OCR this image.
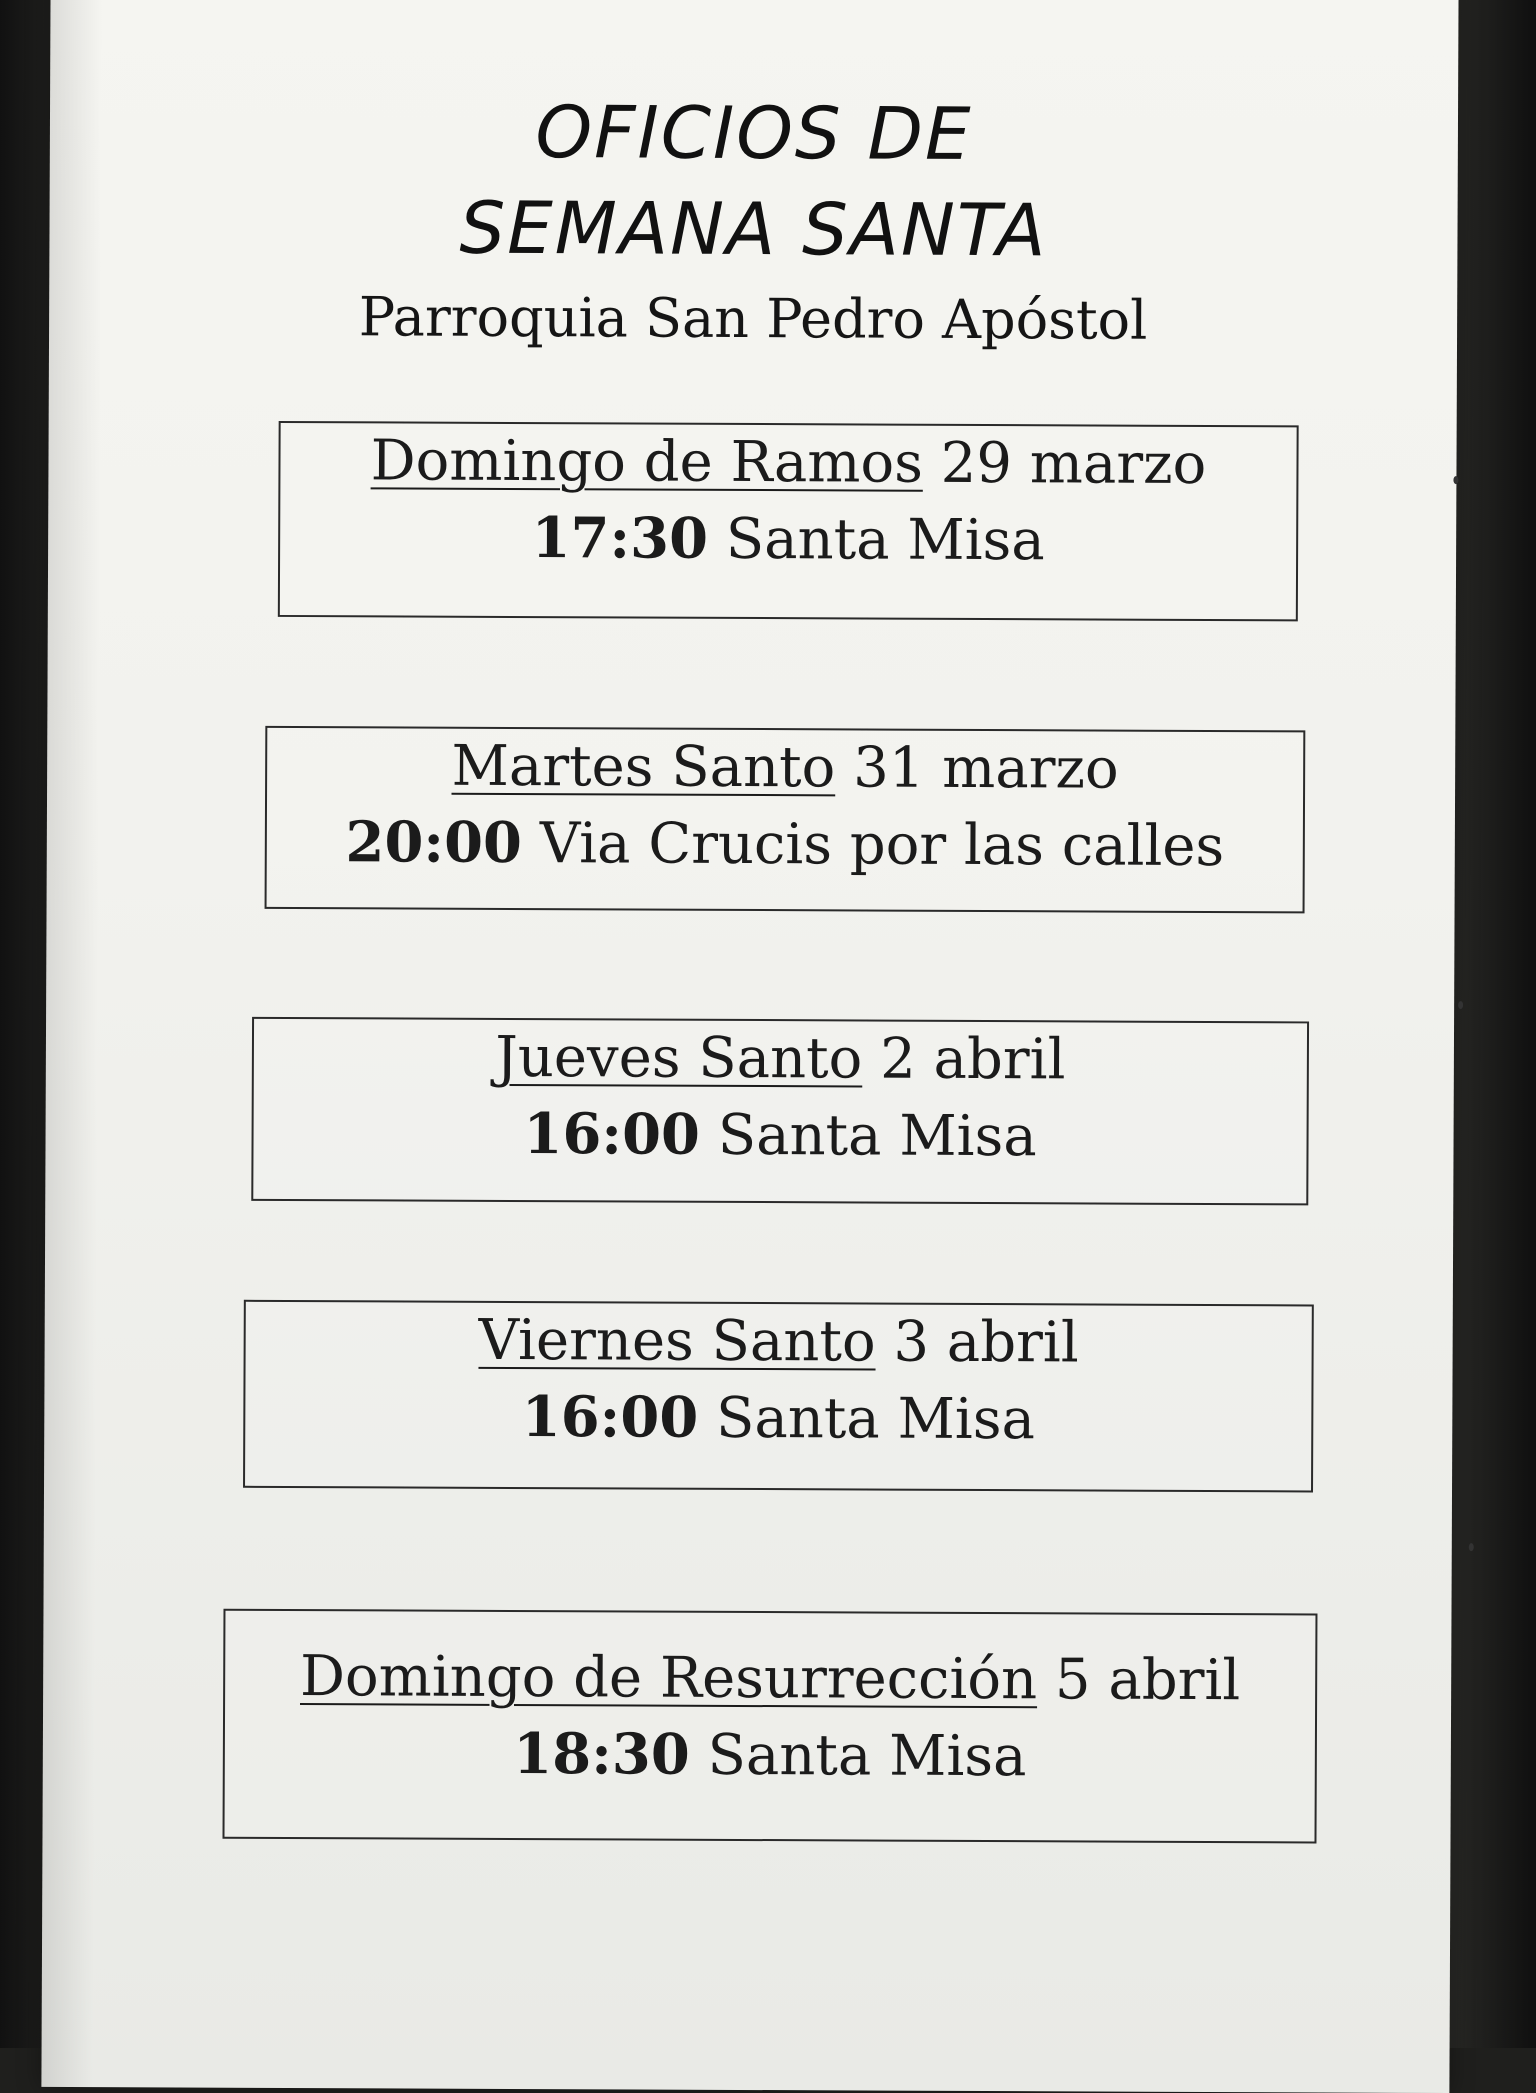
OFICIOS DE
SEMANA SANTA
Parroquia San Pedro Apóstol
Domingo de Ramos 29 marzo
17:30 Santa Misa
Martes Santo 31 marzo
20:00 Via Crucis por las calles
Jueves Santo 2 abril
16:00 Santa Misa
Viernes Santo 3 abril
16:00 Santa Misa
Domingo de Resurrección 5 abril
18:30 Santa Misa
